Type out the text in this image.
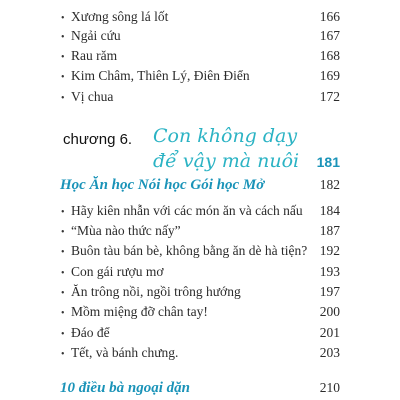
• Xương sông lá lốt	166
• Ngải cứu	167
• Rau răm	168
• Kim Châm, Thiên Lý, Điên Điển	169
• Vị chua	172
chương 6. Con không dạy
để vậy mà nuôi 181
Học Ăn học Nói học Gói học Mở	182
• Hãy kiên nhẫn với các món ăn và cách nấu 184
• “Mùa nào thức nấy”	187
• Buôn tàu bán bè, không bằng ăn dè hà tiện? 192
• Con gái rượu mơ	193
• Ăn trông nồi, ngồi trông hướng	197
• Mồm miệng đỡ chân tay!	200
• Đáo để	201
• Tết, và bánh chưng.	203
10 điều bà ngoại dặn	210
